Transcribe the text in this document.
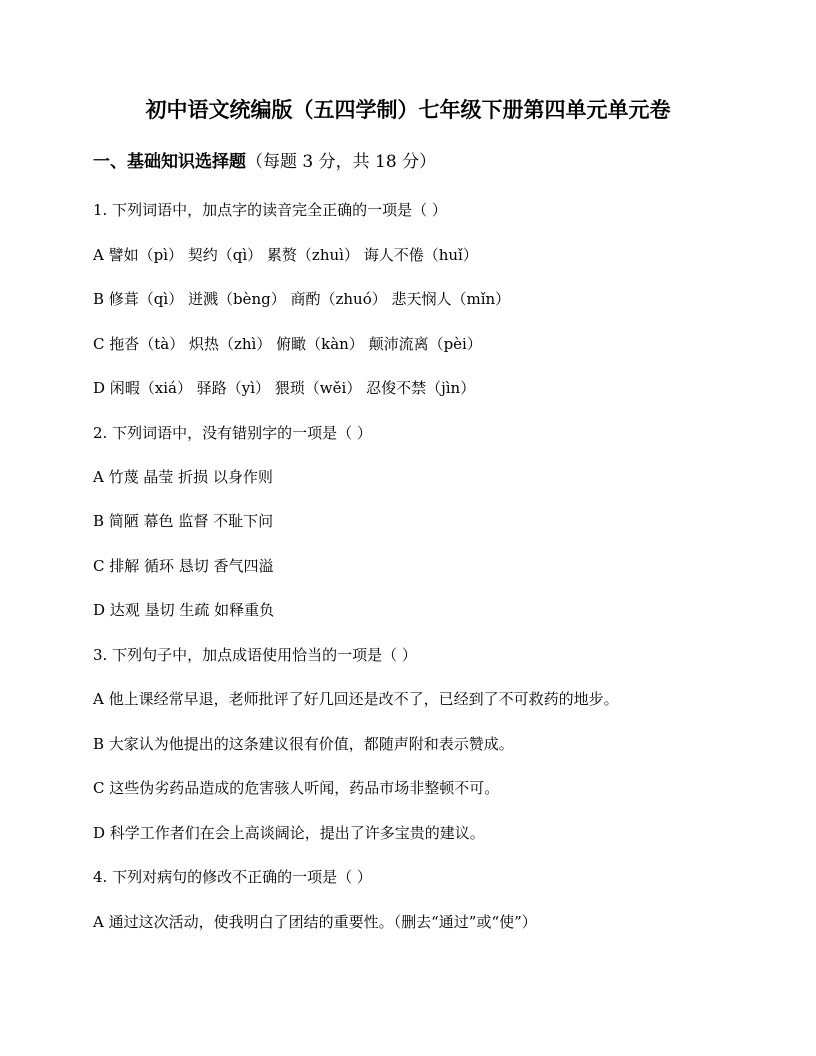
初中语文统编版（五四学制）七年级下册第四单元单元卷
一、基础知识选择题（每题 3 分，共 18 分）
1. 下列词语中，加点字的读音完全正确的一项是（ ）
A 譬如（pì） 契约（qì） 累赘（zhuì） 诲人不倦（huǐ）
B 修葺（qì） 迸溅（bèng） 商酌（zhuó） 悲天悯人（mǐn）
C 拖沓（tà） 炽热（zhì） 俯瞰（kàn） 颠沛流离（pèi）
D 闲暇（xiá） 驿路（yì） 猥琐（wěi） 忍俊不禁（jìn）
2. 下列词语中，没有错别字的一项是（ ）
A 竹蔑 晶莹 折损 以身作则
B 简陋 幕色 监督 不耻下问
C 排解 循环 恳切 香气四溢
D 达观 垦切 生疏 如释重负
3. 下列句子中，加点成语使用恰当的一项是（ ）
A 他上课经常早退，老师批评了好几回还是改不了，已经到了不可救药的地步。
B 大家认为他提出的这条建议很有价值，都随声附和表示赞成。
C 这些伪劣药品造成的危害骇人听闻，药品市场非整顿不可。
D 科学工作者们在会上高谈阔论，提出了许多宝贵的建议。
4. 下列对病句的修改不正确的一项是（ ）
A 通过这次活动，使我明白了团结的重要性。（删去“通过”或“使”）
